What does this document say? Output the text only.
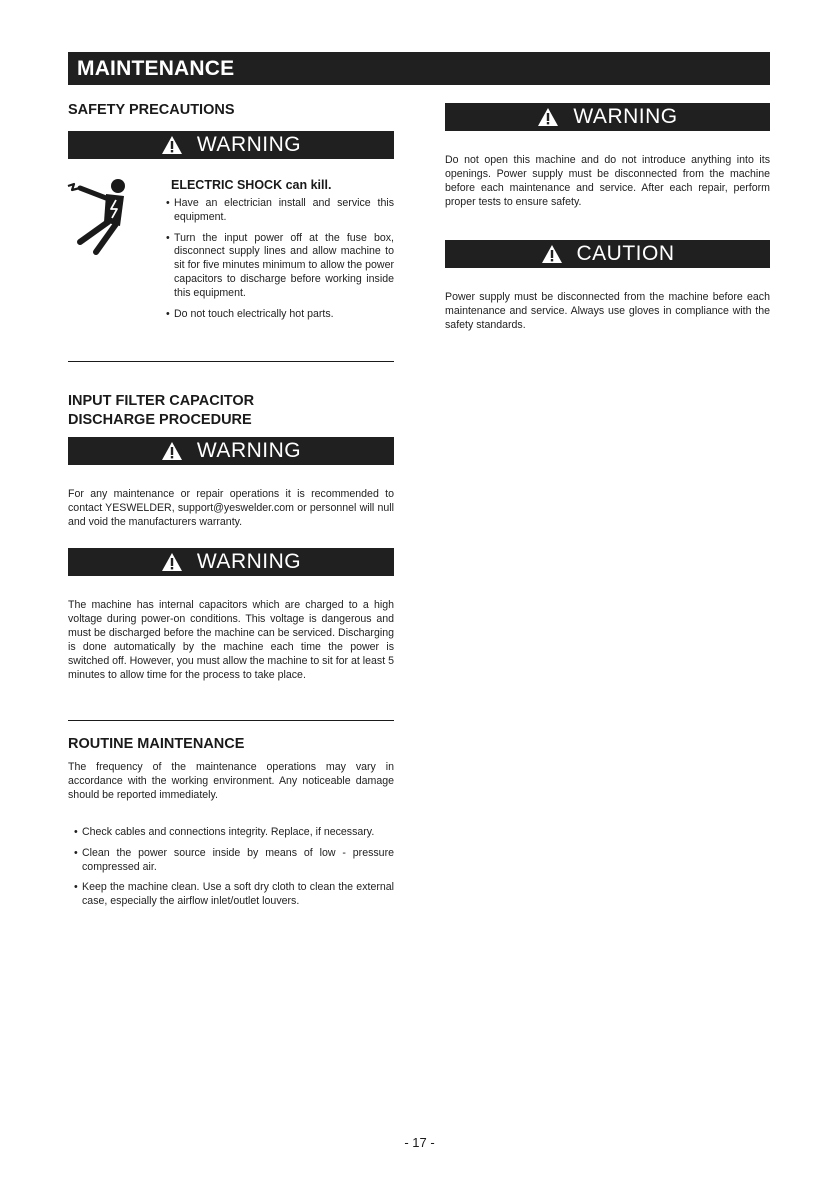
MAINTENANCE
SAFETY PRECAUTIONS
WARNING
ELECTRIC SHOCK can kill.
• Have an electrician install and service this equipment.
• Turn the input power off at the fuse box, disconnect supply lines and allow machine to sit for five minutes minimum to allow the power capacitors to discharge before working inside this equipment.
• Do not touch electrically hot parts.
INPUT FILTER CAPACITOR
DISCHARGE PROCEDURE
WARNING

For any maintenance or repair operations it is recommended to contact YESWELDER, support@yeswelder.com or personnel will null and void the manufacturers warranty.

WARNING

The machine has internal capacitors which are charged to a high voltage during power-on conditions. This voltage is dangerous and must be discharged before the machine can be serviced. Discharging is done automatically by the machine each time the power is switched off. However, you must allow the machine to sit for at least 5 minutes to allow time for the process to take place.

ROUTINE MAINTENANCE

The frequency of the maintenance operations may vary in accordance with the working environment. Any noticeable damage should be reported immediately.

• Check cables and connections integrity. Replace, if necessary.
• Clean the power source inside by means of low - pressure compressed air.
• Keep the machine clean. Use a soft dry cloth to clean the external case, especially the airflow inlet/outlet louvers.
WARNING

Do not open this machine and do not introduce anything into its openings. Power supply must be disconnected from the machine before each maintenance and service. After each repair, perform proper tests to ensure safety.

CAUTION

Power supply must be disconnected from the machine before each maintenance and service. Always use gloves in compliance with the safety standards.

- 17 -
